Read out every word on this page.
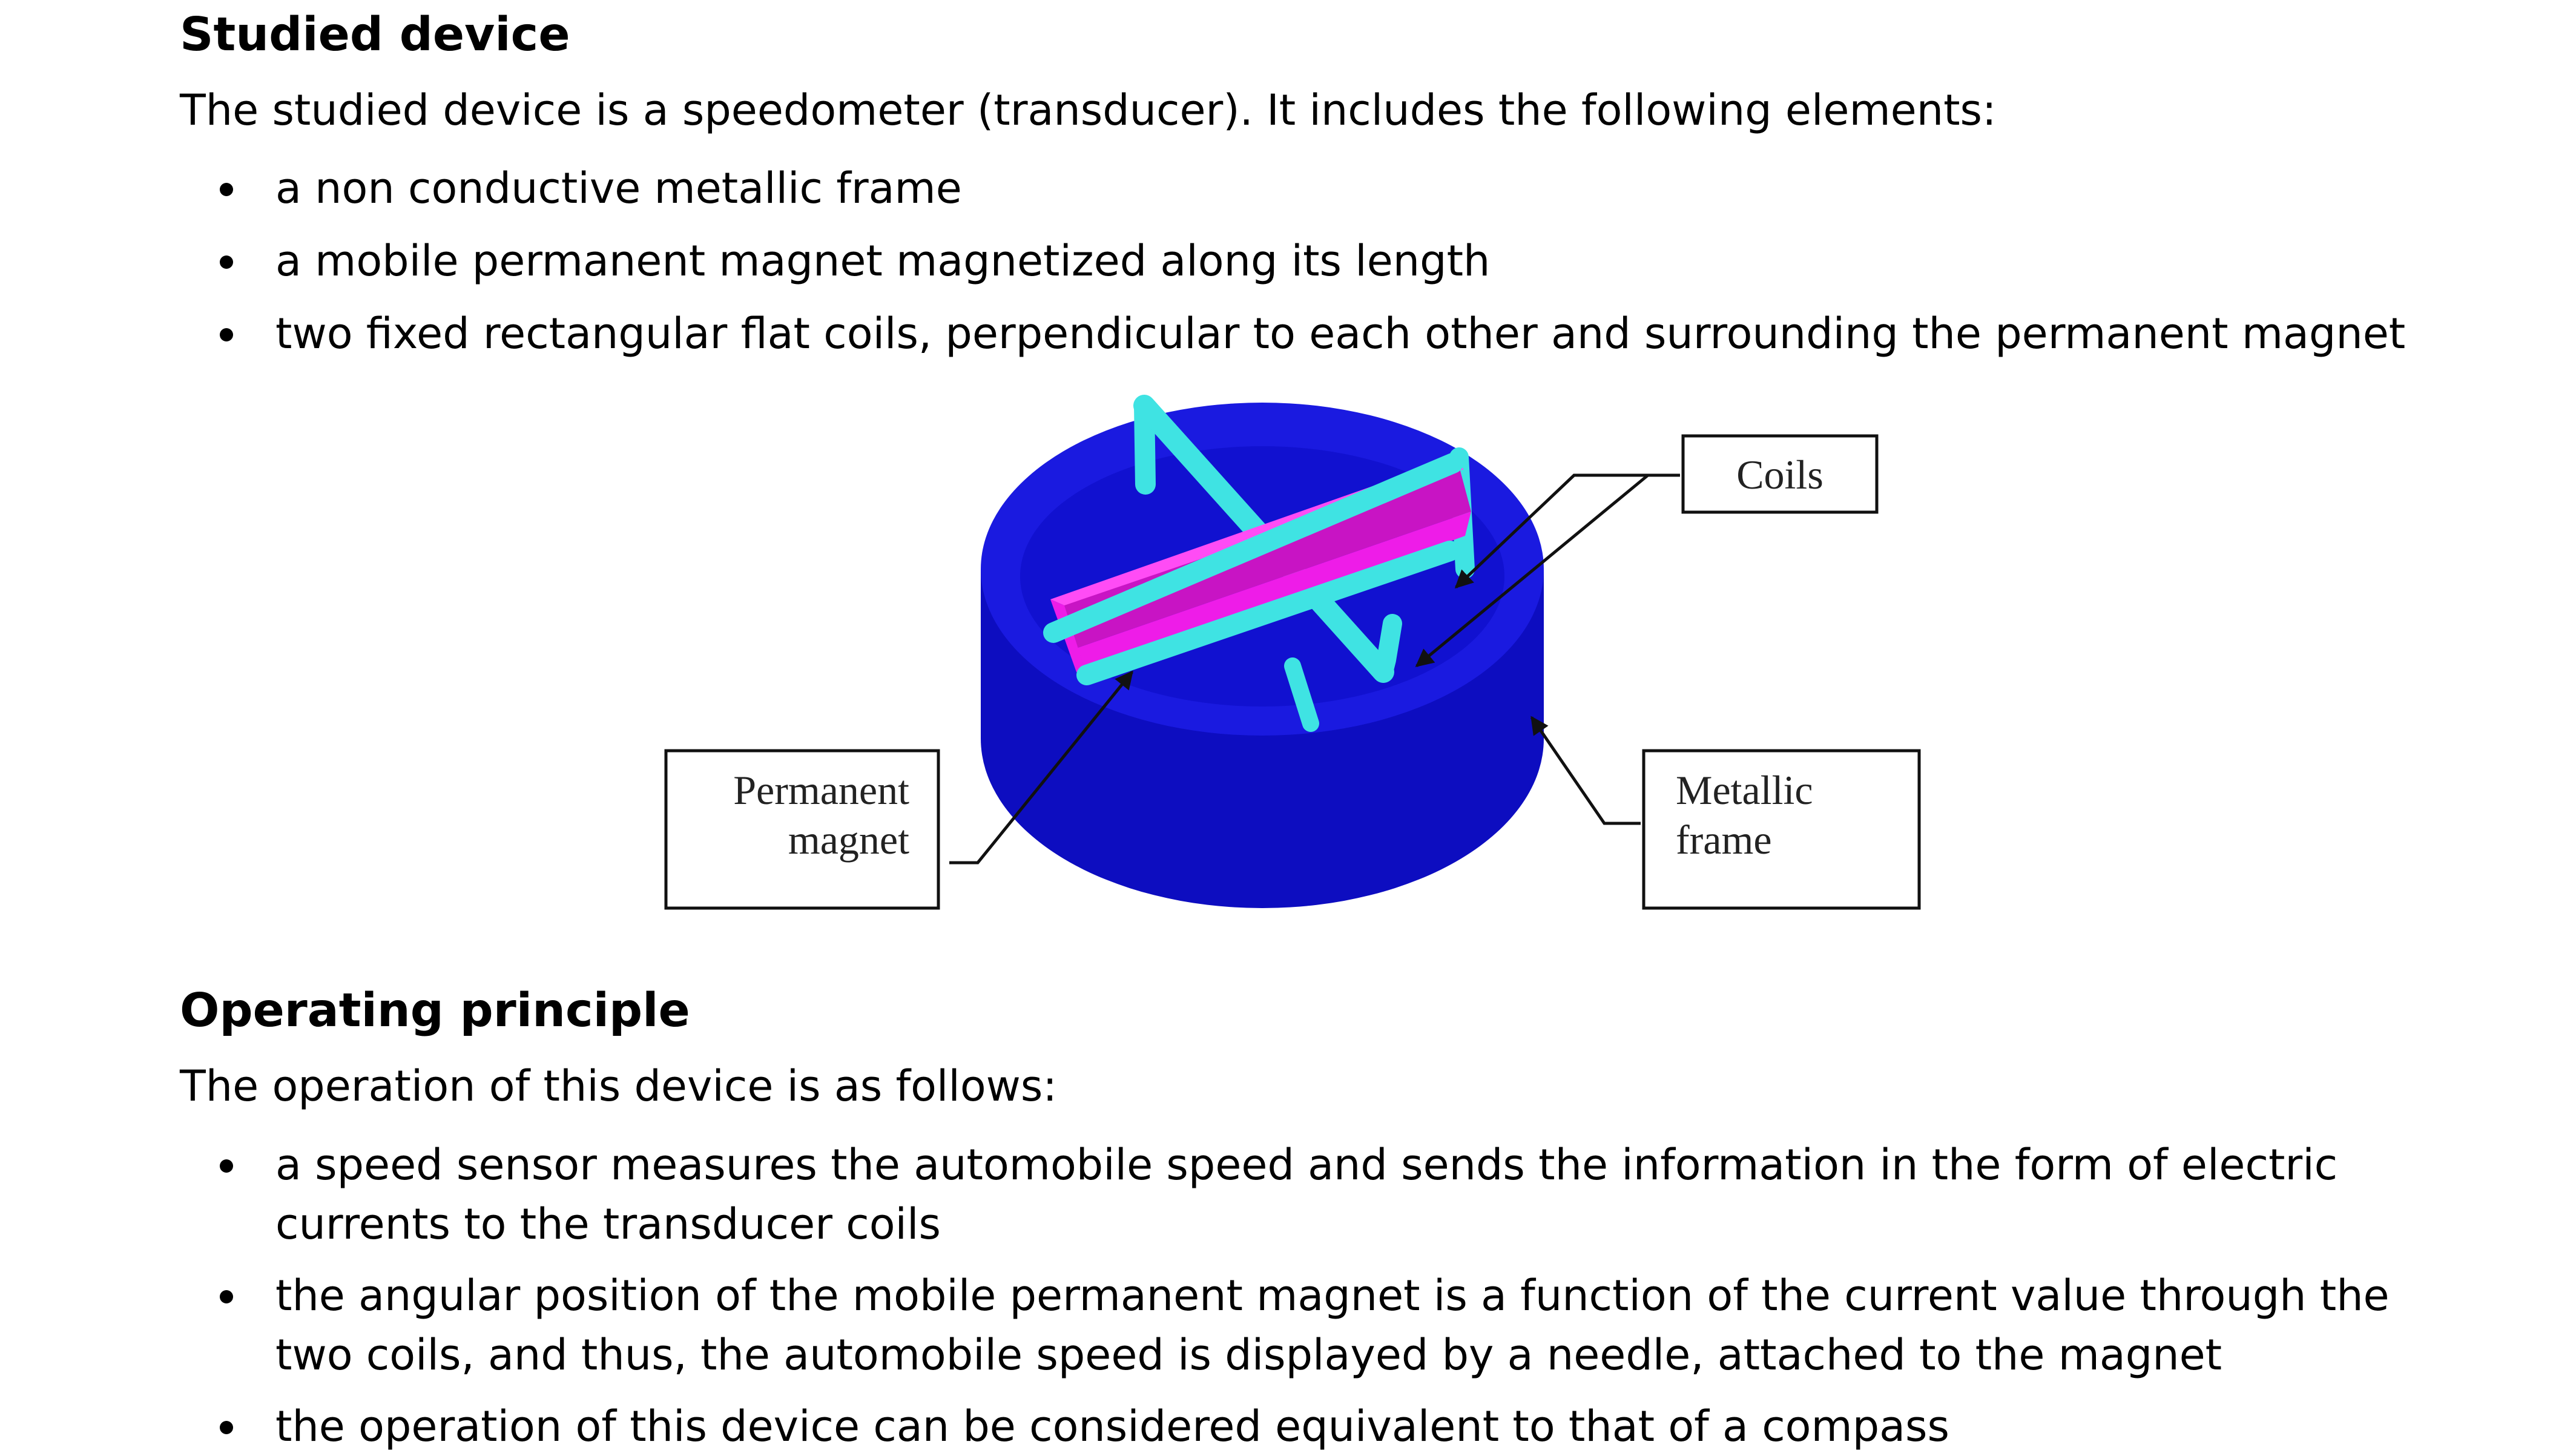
Studied device

The studied device is a speedometer (transducer). It includes the following elements:

a non conductive metallic frame
a mobile permanent magnet magnetized along its length
two fixed rectangular flat coils, perpendicular to each other and surrounding the permanent magnet
Coils
Permanent
magnet
Metallic
frame
Operating principle

The operation of this device is as follows:

a speed sensor measures the automobile speed and sends the information in the form of electric currents to the transducer coils
the angular position of the mobile permanent magnet is a function of the current value through the two coils, and thus, the automobile speed is displayed by a needle, attached to the magnet
the operation of this device can be considered equivalent to that of a compass
